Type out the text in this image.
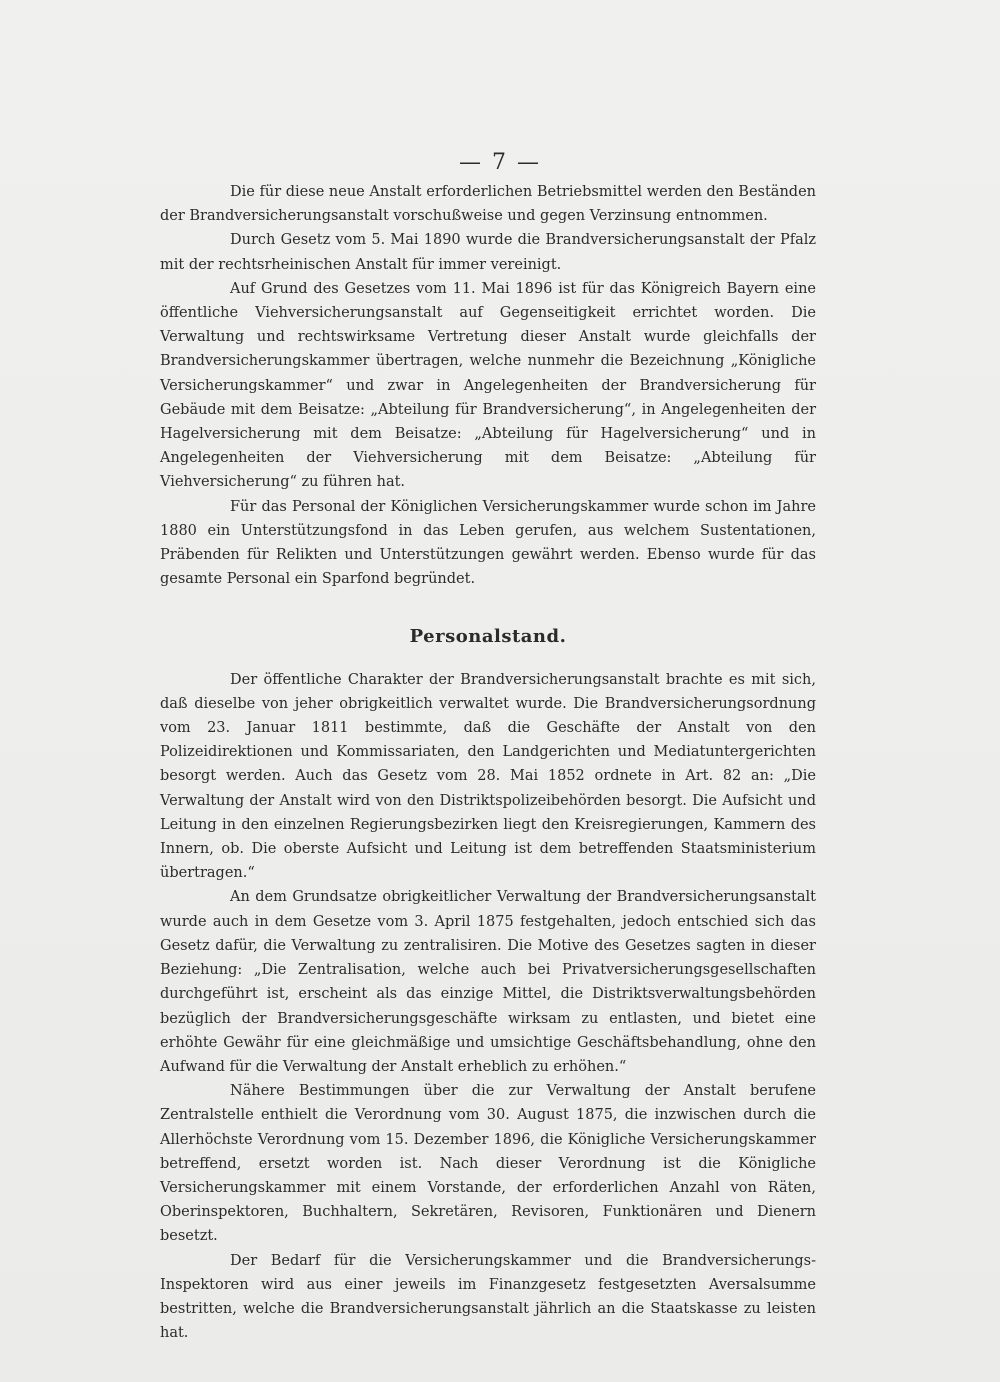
— 7 —

Die für diese neue Anstalt erforderlichen Betriebsmittel werden den Beständen der Brandversicherungsanstalt vorschußweise und gegen Verzinsung entnommen.

Durch Gesetz vom 5. Mai 1890 wurde die Brandversicherungsanstalt der Pfalz mit der rechtsrheinischen Anstalt für immer vereinigt.

Auf Grund des Gesetzes vom 11. Mai 1896 ist für das Königreich Bayern eine öffentliche Viehversicherungsanstalt auf Gegenseitigkeit errichtet worden. Die Verwaltung und rechtswirksame Vertretung dieser Anstalt wurde gleichfalls der Brandversicherungskammer übertragen, welche nunmehr die Bezeichnung „Königliche Versicherungskammer“ und zwar in Angelegenheiten der Brandversicherung für Gebäude mit dem Beisatze: „Abteilung für Brandversicherung“, in Angelegenheiten der Hagelversicherung mit dem Beisatze: „Abteilung für Hagelversicherung“ und in Angelegenheiten der Viehversicherung mit dem Beisatze: „Abteilung für Viehversicherung“ zu führen hat.

Für das Personal der Königlichen Versicherungskammer wurde schon im Jahre 1880 ein Unterstützungsfond in das Leben gerufen, aus welchem Sustentationen, Präbenden für Relikten und Unterstützungen gewährt werden. Ebenso wurde für das gesamte Personal ein Sparfond begründet.

Personalstand.

Der öffentliche Charakter der Brandversicherungsanstalt brachte es mit sich, daß dieselbe von jeher obrigkeitlich verwaltet wurde. Die Brandversicherungsordnung vom 23. Januar 1811 bestimmte, daß die Geschäfte der Anstalt von den Polizeidirektionen und Kommissariaten, den Landgerichten und Mediatuntergerichten besorgt werden. Auch das Gesetz vom 28. Mai 1852 ordnete in Art. 82 an: „Die Verwaltung der Anstalt wird von den Distriktspolizeibehörden besorgt. Die Aufsicht und Leitung in den einzelnen Regierungsbezirken liegt den Kreisregierungen, Kammern des Innern, ob. Die oberste Aufsicht und Leitung ist dem betreffenden Staatsministerium übertragen.“

An dem Grundsatze obrigkeitlicher Verwaltung der Brandversicherungsanstalt wurde auch in dem Gesetze vom 3. April 1875 festgehalten, jedoch entschied sich das Gesetz dafür, die Verwaltung zu zentralisiren. Die Motive des Gesetzes sagten in dieser Beziehung: „Die Zentralisation, welche auch bei Privatversicherungsgesellschaften durchgeführt ist, erscheint als das einzige Mittel, die Distriktsverwaltungsbehörden bezüglich der Brandversicherungsgeschäfte wirksam zu entlasten, und bietet eine erhöhte Gewähr für eine gleichmäßige und umsichtige Geschäftsbehandlung, ohne den Aufwand für die Verwaltung der Anstalt erheblich zu erhöhen.“

Nähere Bestimmungen über die zur Verwaltung der Anstalt berufene Zentralstelle enthielt die Verordnung vom 30. August 1875, die inzwischen durch die Allerhöchste Verordnung vom 15. Dezember 1896, die Königliche Versicherungskammer betreffend, ersetzt worden ist. Nach dieser Verordnung ist die Königliche Versicherungskammer mit einem Vorstande, der erforderlichen Anzahl von Räten, Oberinspektoren, Buchhaltern, Sekretären, Revisoren, Funktionären und Dienern besetzt.

Der Bedarf für die Versicherungskammer und die Brandversicherungs-Inspektoren wird aus einer jeweils im Finanzgesetz festgesetzten Aversalsumme bestritten, welche die Brandversicherungsanstalt jährlich an die Staatskasse zu leisten hat.
